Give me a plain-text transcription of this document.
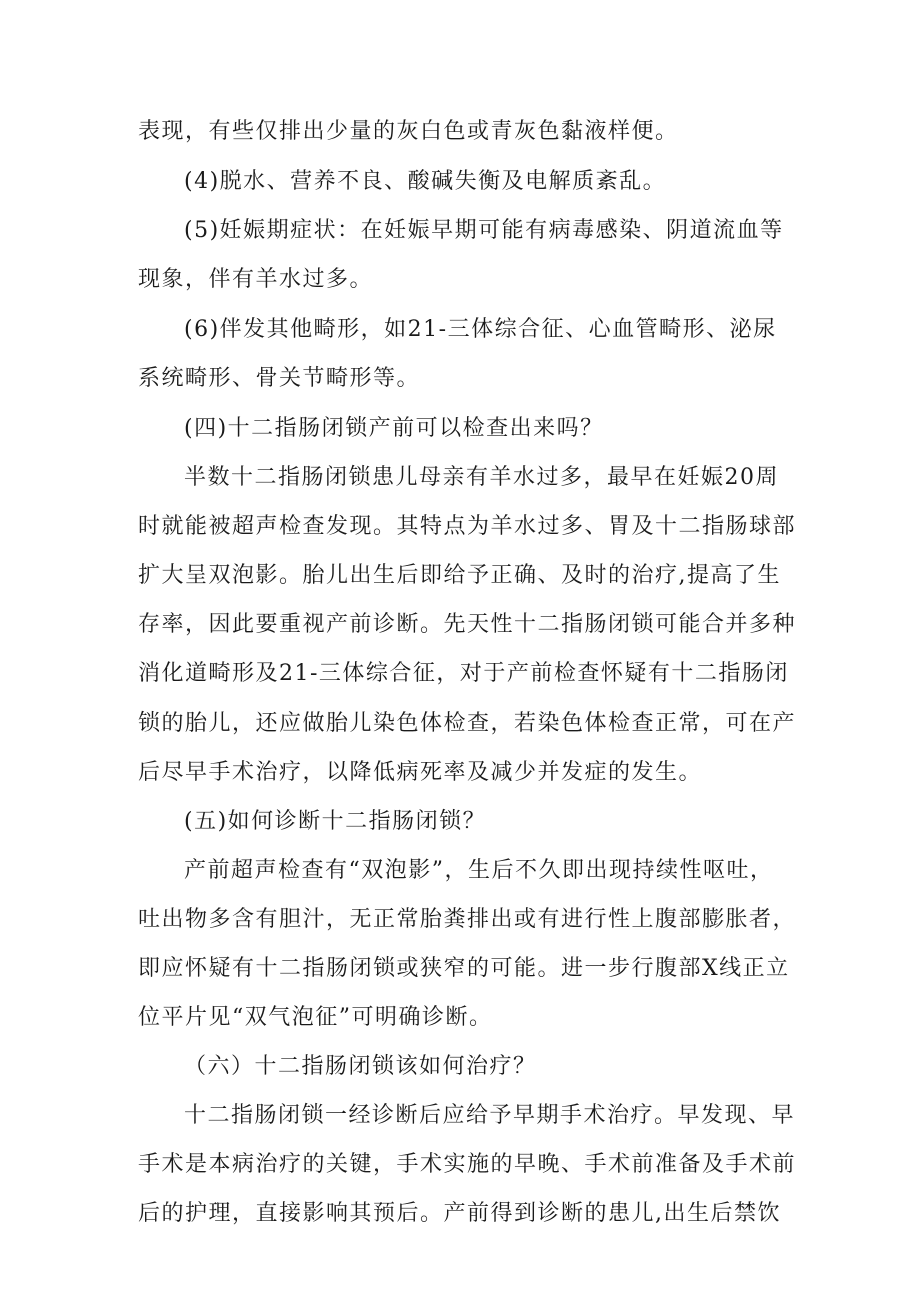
表现，有些仅排出少量的灰白色或青灰色黏液样便。
(4)脱水、营养不良、酸碱失衡及电解质紊乱。
(5)妊娠期症状：在妊娠早期可能有病毒感染、阴道流血等
现象，伴有羊水过多。
(6)伴发其他畸形，如21-三体综合征、心血管畸形、泌尿
系统畸形、骨关节畸形等。
(四)十二指肠闭锁产前可以检查出来吗？
半数十二指肠闭锁患儿母亲有羊水过多，最早在妊娠20周
时就能被超声检查发现。其特点为羊水过多、胃及十二指肠球部
扩大呈双泡影。胎儿出生后即给予正确、及时的治疗,提高了生
存率，因此要重视产前诊断。先天性十二指肠闭锁可能合并多种
消化道畸形及21-三体综合征，对于产前检查怀疑有十二指肠闭
锁的胎儿，还应做胎儿染色体检查，若染色体检查正常，可在产
后尽早手术治疗，以降低病死率及减少并发症的发生。
(五)如何诊断十二指肠闭锁？
产前超声检查有“双泡影”，生后不久即出现持续性呕吐，
吐出物多含有胆汁，无正常胎粪排出或有进行性上腹部膨胀者，
即应怀疑有十二指肠闭锁或狭窄的可能。进一步行腹部X线正立
位平片见“双气泡征”可明确诊断。
（六）十二指肠闭锁该如何治疗？
十二指肠闭锁一经诊断后应给予早期手术治疗。早发现、早
手术是本病治疗的关键，手术实施的早晚、手术前准备及手术前
后的护理，直接影响其预后。产前得到诊断的患儿,出生后禁饮
